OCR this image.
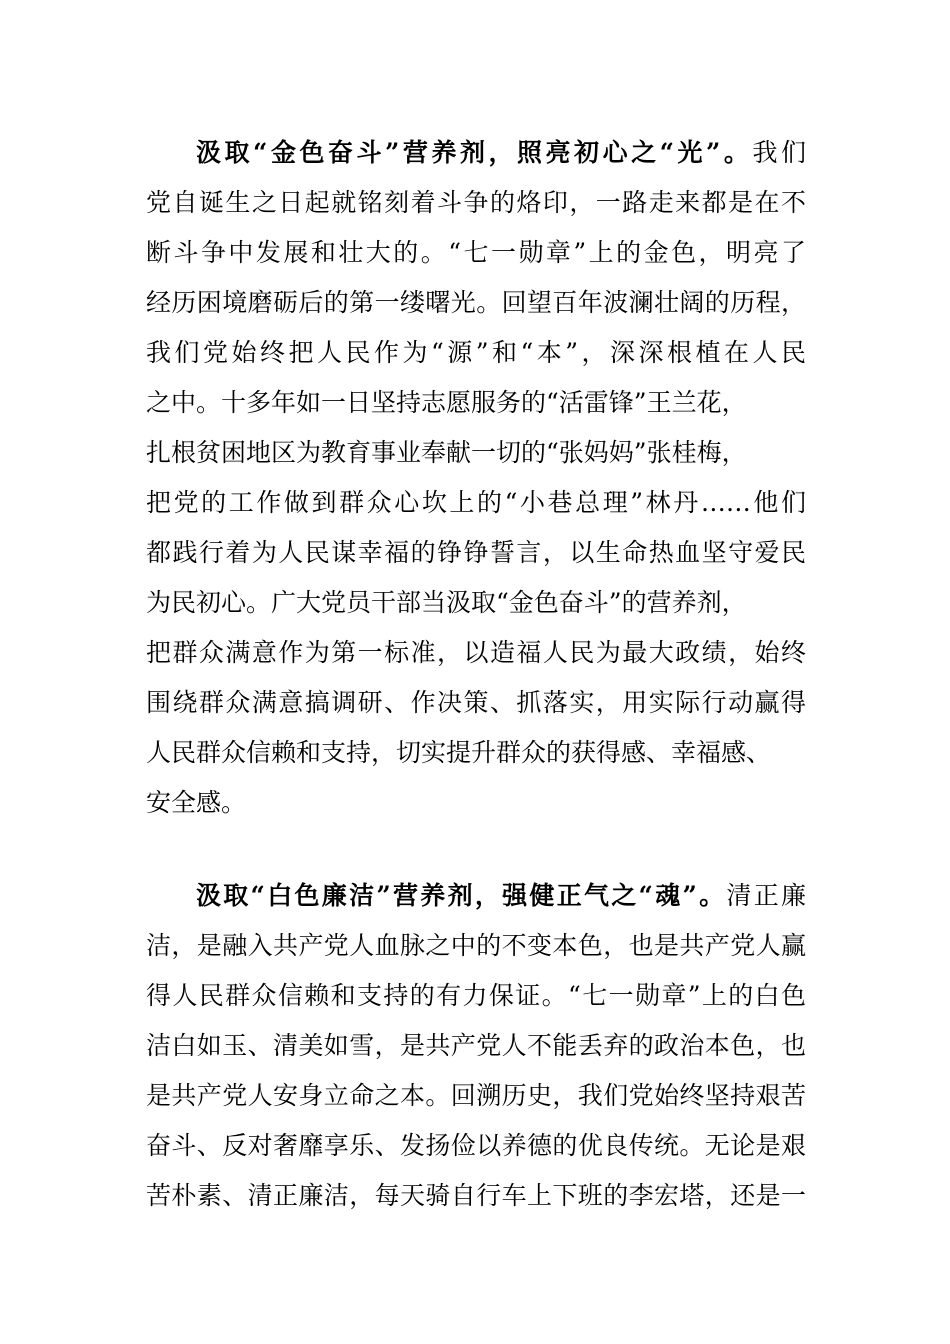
汲取“金色奋斗”营养剂，照亮初心之“光”。我们
党自诞生之日起就铭刻着斗争的烙印，一路走来都是在不
断斗争中发展和壮大的。“七一勋章”上的金色，明亮了
经历困境磨砺后的第一缕曙光。回望百年波澜壮阔的历程，
我们党始终把人民作为“源”和“本”，深深根植在人民
之中。十多年如一日坚持志愿服务的“活雷锋”王兰花，
扎根贫困地区为教育事业奉献一切的“张妈妈”张桂梅，
把党的工作做到群众心坎上的“小巷总理”林丹……他们
都践行着为人民谋幸福的铮铮誓言，以生命热血坚守爱民
为民初心。广大党员干部当汲取“金色奋斗”的营养剂，
把群众满意作为第一标准，以造福人民为最大政绩，始终
围绕群众满意搞调研、作决策、抓落实，用实际行动赢得
人民群众信赖和支持，切实提升群众的获得感、幸福感、
安全感。
汲取“白色廉洁”营养剂，强健正气之“魂”。清正廉
洁，是融入共产党人血脉之中的不变本色，也是共产党人赢
得人民群众信赖和支持的有力保证。“七一勋章”上的白色
洁白如玉、清美如雪，是共产党人不能丢弃的政治本色，也
是共产党人安身立命之本。回溯历史，我们党始终坚持艰苦
奋斗、反对奢靡享乐、发扬俭以养德的优良传统。无论是艰
苦朴素、清正廉洁，每天骑自行车上下班的李宏塔，还是一
